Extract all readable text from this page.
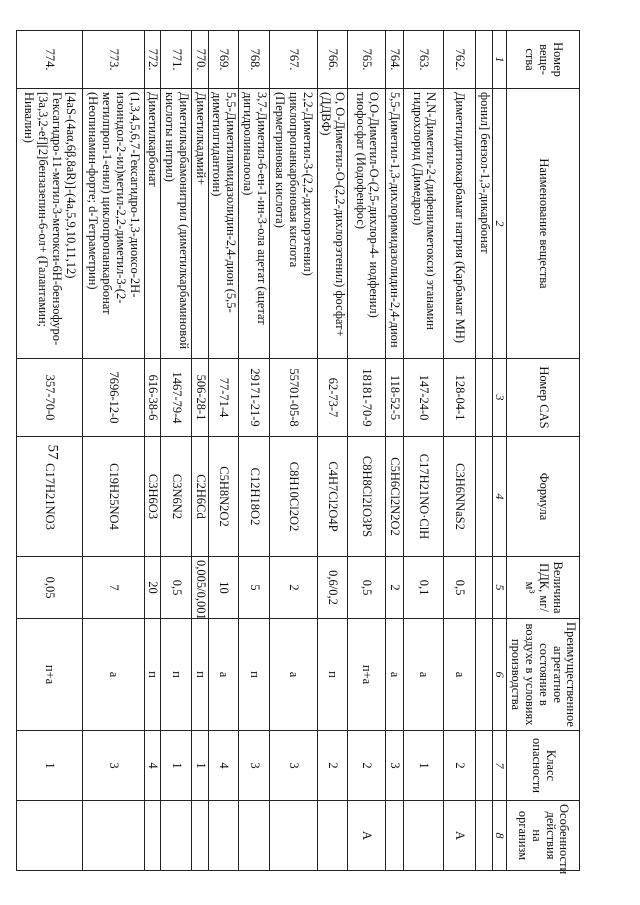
57
Номер веще-ства	Наименование вещества	Номер CAS	Формула	Величина ПДК, мг/м³	Преимущественное агрегатное состояние в воздухе в условиях производства	Класс опасности	Особенности действия на организм
1	2	3	4	5	6	7	8
	фонил] бензол-1,3-дикарбонат						
762.	Диметилдитиокарбамат натрия (Карбамат МН)	128-04-1	C3H6NNaS2	0,5	а	2	А
763.	N,N-Диметил-2-(дифенилметокси) этанамин гидрохлорид (Димедрол)	147-24-0	C17H21NO·ClH	0,1	а	1	
764.	5,5-Диметил-1,3-дихлоримидазолидин-2,4-дион	118-52-5	C5H6Cl2N2O2	2	а	3	
765.	О,О-Диметил-О-(2,5-дихлор-4- иодфенил) тиофосфат (Иодофенфос)	18181-70-9	C8H8Cl2IO3PS	0,5	п+а	2	А
766.	О, О-Диметил-О-(2,2-дихлорэтенил) фосфат+ (ДДВФ)	62-73-7	C4H7Cl2O4P	0,6/0,2	п	2	
767.	2,2-Диметил-3-(2,2-дихлорэтенил) циклопропанкарбоновая кислота (Перметриновая кислота)	55701-05-8	C8H10Cl2O2	2	а	3	
768.	3,7-Диметил-6-ен-1-ин-3-ола ацетат (ацетат дигидролиналоола)	29171-21-9	C12H18O2	5	п	3	
769.	5,5-Диметилимидазолидин-2,4-дион (5,5-диметилгидантоин)	77-71-4	C5H8N2O2	10	а	4	
770.	Диметилкадмий+	506-28-1	C2H6Cd	0,005/0,001	п	1	
771.	Диметилкарбамонитрил (диметилкарбаминовой кислоты нитрил)	1467-79-4	C3N6N2	0,5	п	1	
772.	Диметилкарбонат	616-38-6	C3H6O3	20	п	4	
773.	(1,3,4,5,6,7-Гексагидро-1,3-диоксо-2Н- изоиндол-2-ил)метил-2,2-диметил-3-(2- метилпроп-1-енил) циклопропанкарбонат (Неопинамин-форте; d-Тетраметрин)	7696-12-0	C19H25NO4	7	а	3	
774.	[4aS-(4aα,6β,8aR)]-(4a,5,9,10,11,12) Гексагидро-11-метил-3-метокси-6Н-бензофуро- [3a,3,2-ef][2]бензазепин-6-ол+ (Галантамин; Нивалин)	357-70-0	C17H21NO3	0,05	п+а	1	
